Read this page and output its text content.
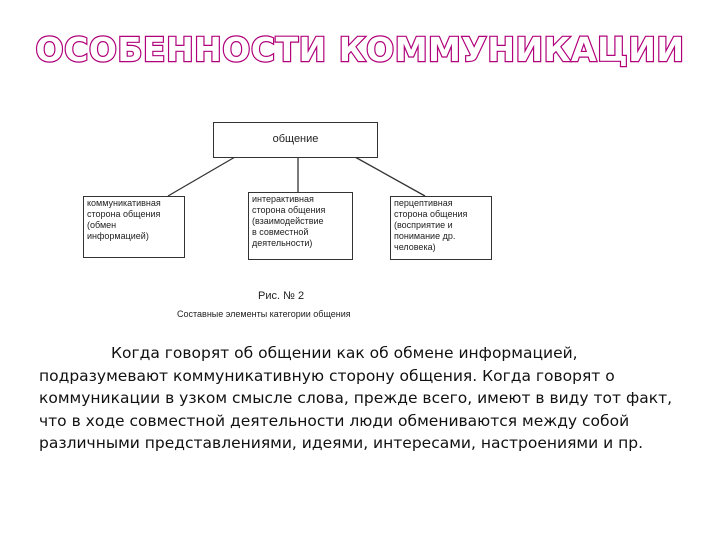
ОСОБЕННОСТИ КОММУНИКАЦИИ
общение
коммуникативная
сторона общения
(обмен
информацией)
интерактивная
сторона общения
(взаимодействие
в совместной
деятельности)
перцептивная
сторона общения
(восприятие и
понимание др.
человека)
Рис. № 2
Составные элементы категории общения

Когда говорят об общении как об обмене информацией, подразумевают коммуникативную сторону общения. Когда говорят о коммуникации в узком смысле слова, прежде всего, имеют в виду тот факт, что в ходе совместной деятельности люди обмениваются между собой различными представлениями, идеями, интересами, настроениями и пр.
